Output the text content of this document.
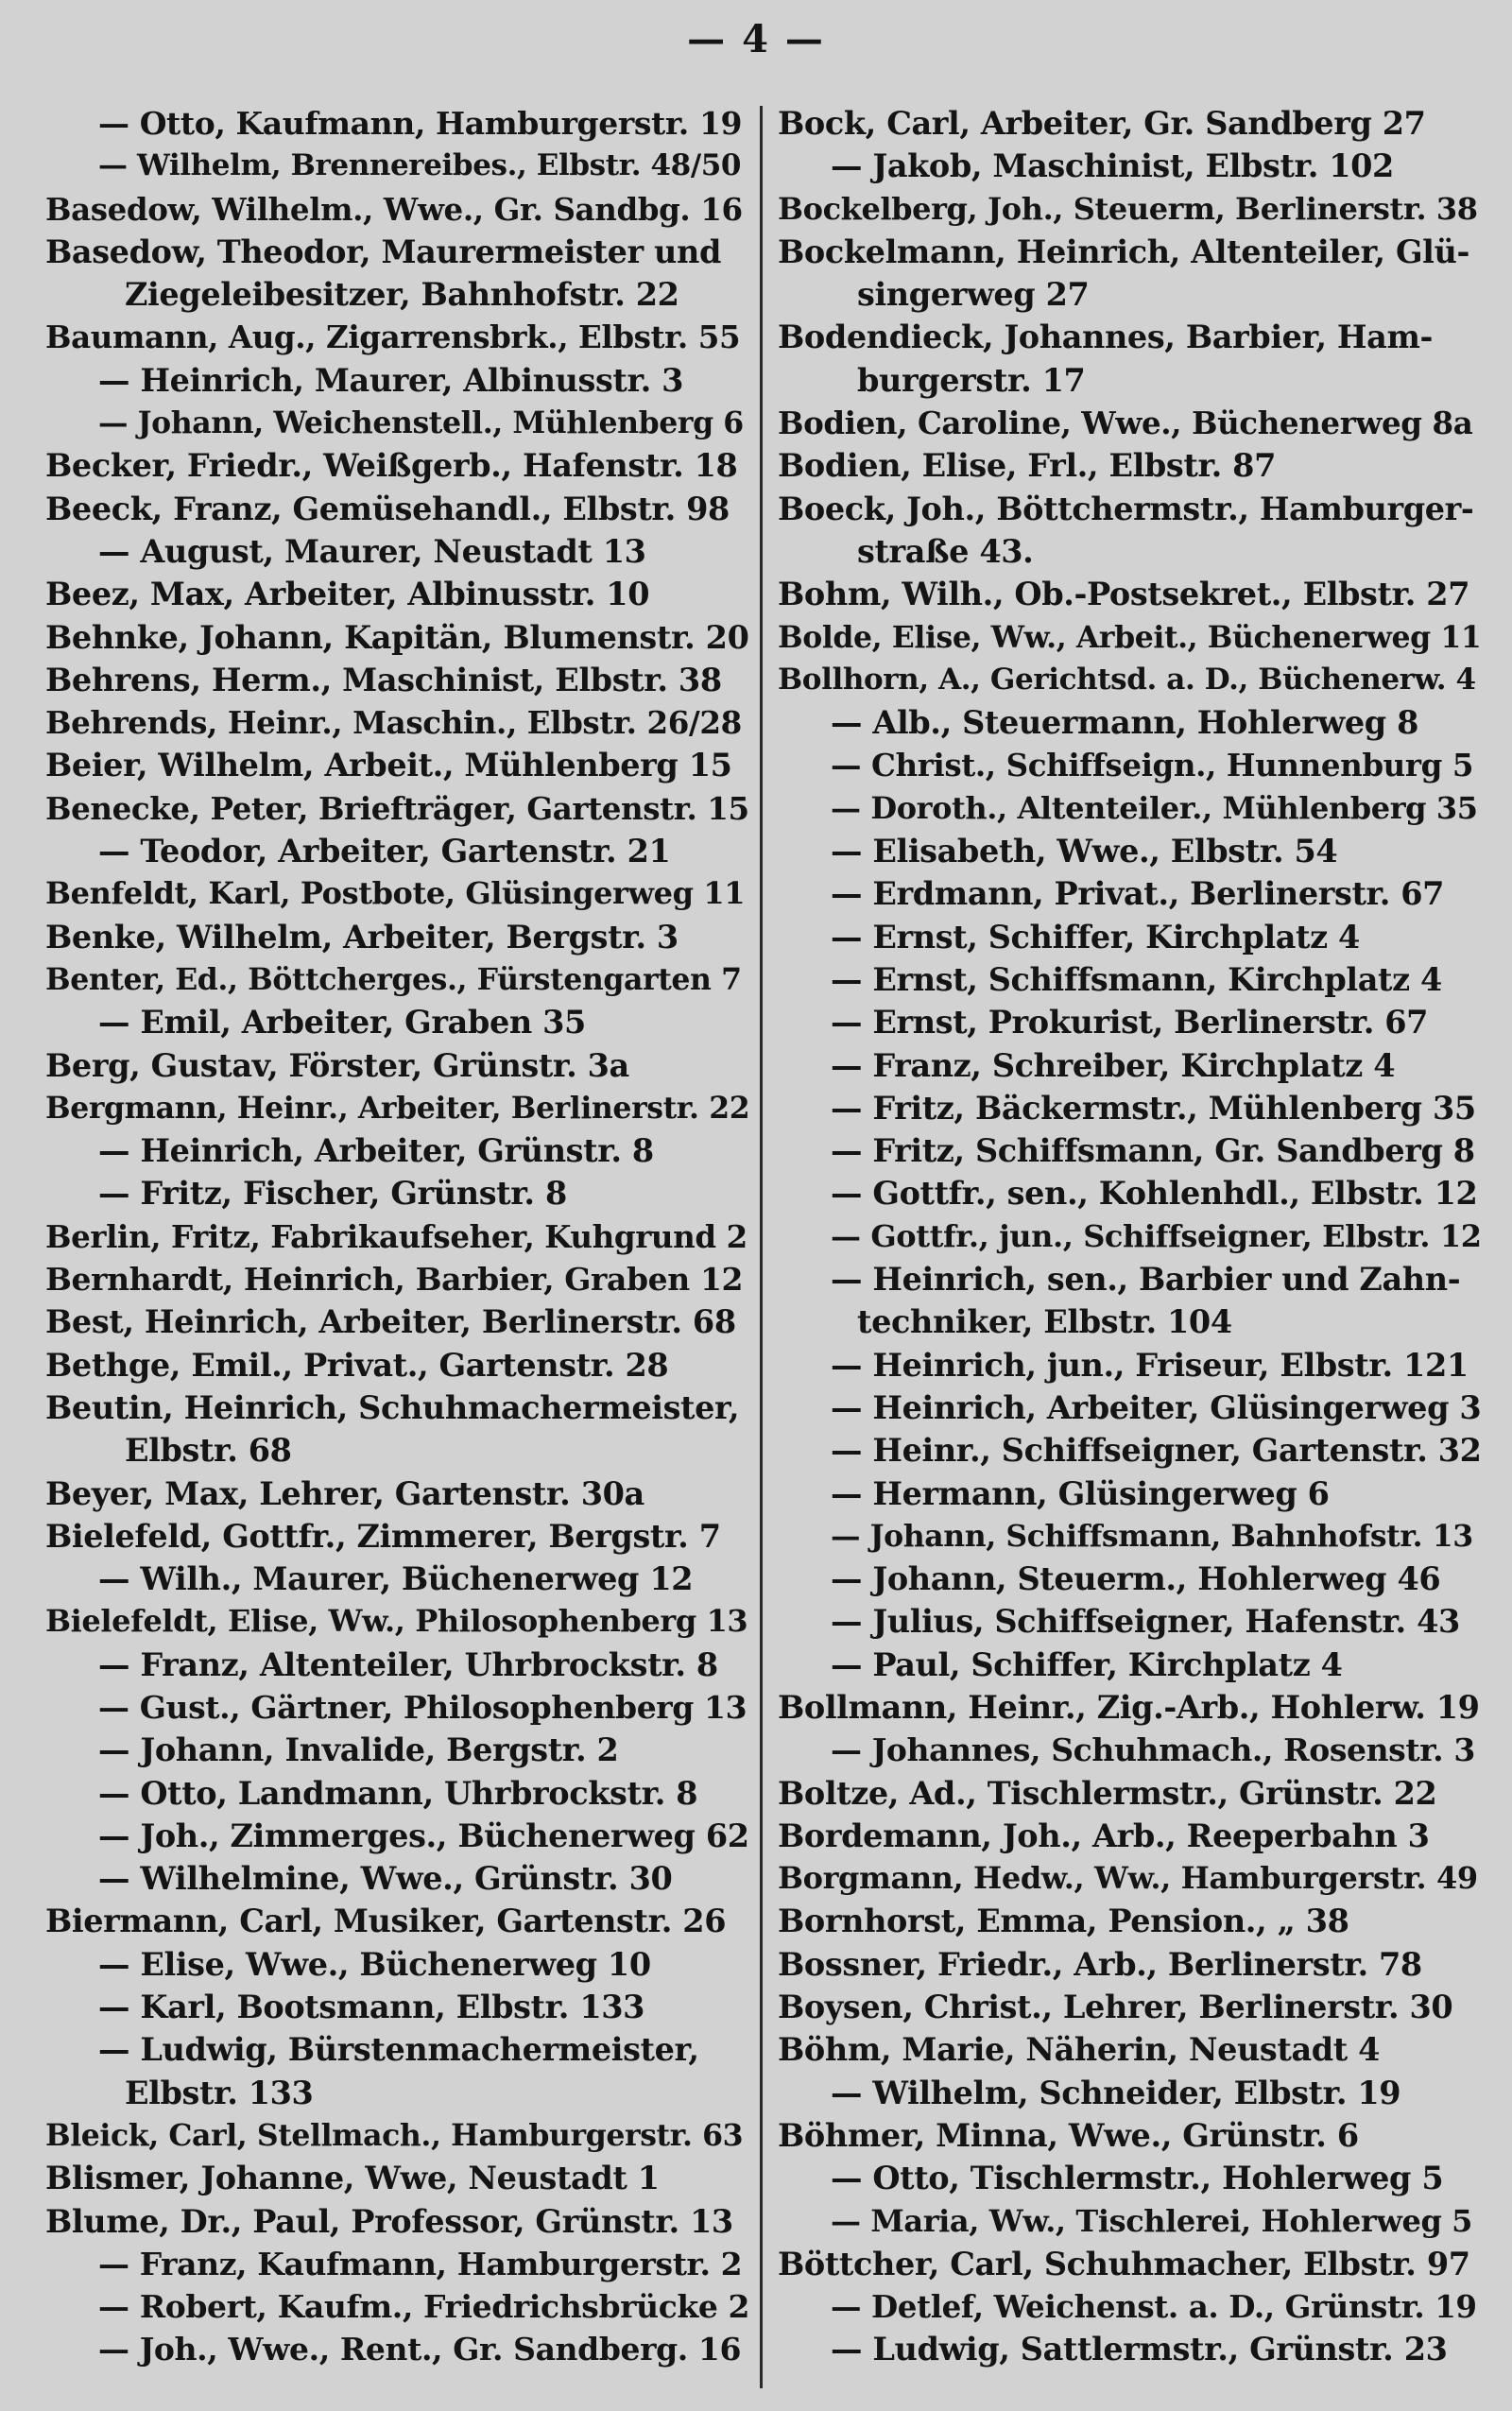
— 4 —
— Otto, Kaufmann, Hamburgerstr. 19
— Wilhelm, Brennereibes., Elbstr. 48/50
Basedow, Wilhelm., Wwe., Gr. Sandbg. 16
Basedow, Theodor, Maurermeister und
Ziegeleibesitzer, Bahnhofstr. 22
Baumann, Aug., Zigarrensbrk., Elbstr. 55
— Heinrich, Maurer, Albinusstr. 3
— Johann, Weichenstell., Mühlenberg 6
Becker, Friedr., Weißgerb., Hafenstr. 18
Beeck, Franz, Gemüsehandl., Elbstr. 98
— August, Maurer, Neustadt 13
Beez, Max, Arbeiter, Albinusstr. 10
Behnke, Johann, Kapitän, Blumenstr. 20
Behrens, Herm., Maschinist, Elbstr. 38
Behrends, Heinr., Maschin., Elbstr. 26/28
Beier, Wilhelm, Arbeit., Mühlenberg 15
Benecke, Peter, Briefträger, Gartenstr. 15
— Teodor, Arbeiter, Gartenstr. 21
Benfeldt, Karl, Postbote, Glüsingerweg 11
Benke, Wilhelm, Arbeiter, Bergstr. 3
Benter, Ed., Böttcherges., Fürstengarten 7
— Emil, Arbeiter, Graben 35
Berg, Gustav, Förster, Grünstr. 3a
Bergmann, Heinr., Arbeiter, Berlinerstr. 22
— Heinrich, Arbeiter, Grünstr. 8
— Fritz, Fischer, Grünstr. 8
Berlin, Fritz, Fabrikaufseher, Kuhgrund 2
Bernhardt, Heinrich, Barbier, Graben 12
Best, Heinrich, Arbeiter, Berlinerstr. 68
Bethge, Emil., Privat., Gartenstr. 28
Beutin, Heinrich, Schuhmachermeister,
Elbstr. 68
Beyer, Max, Lehrer, Gartenstr. 30a
Bielefeld, Gottfr., Zimmerer, Bergstr. 7
— Wilh., Maurer, Büchenerweg 12
Bielefeldt, Elise, Ww., Philosophenberg 13
— Franz, Altenteiler, Uhrbrockstr. 8
— Gust., Gärtner, Philosophenberg 13
— Johann, Invalide, Bergstr. 2
— Otto, Landmann, Uhrbrockstr. 8
— Joh., Zimmerges., Büchenerweg 62
— Wilhelmine, Wwe., Grünstr. 30
Biermann, Carl, Musiker, Gartenstr. 26
— Elise, Wwe., Büchenerweg 10
— Karl, Bootsmann, Elbstr. 133
— Ludwig, Bürstenmachermeister,
Elbstr. 133
Bleick, Carl, Stellmach., Hamburgerstr. 63
Blismer, Johanne, Wwe, Neustadt 1
Blume, Dr., Paul, Professor, Grünstr. 13
— Franz, Kaufmann, Hamburgerstr. 2
— Robert, Kaufm., Friedrichsbrücke 2
— Joh., Wwe., Rent., Gr. Sandberg. 16
Bock, Carl, Arbeiter, Gr. Sandberg 27
— Jakob, Maschinist, Elbstr. 102
Bockelberg, Joh., Steuerm, Berlinerstr. 38
Bockelmann, Heinrich, Altenteiler, Glü-
singerweg 27
Bodendieck, Johannes, Barbier, Ham-
burgerstr. 17
Bodien, Caroline, Wwe., Büchenerweg 8a
Bodien, Elise, Frl., Elbstr. 87
Boeck, Joh., Böttchermstr., Hamburger-
straße 43.
Bohm, Wilh., Ob.-Postsekret., Elbstr. 27
Bolde, Elise, Ww., Arbeit., Büchenerweg 11
Bollhorn, A., Gerichtsd. a. D., Büchenerw. 4
— Alb., Steuermann, Hohlerweg 8
— Christ., Schiffseign., Hunnenburg 5
— Doroth., Altenteiler., Mühlenberg 35
— Elisabeth, Wwe., Elbstr. 54
— Erdmann, Privat., Berlinerstr. 67
— Ernst, Schiffer, Kirchplatz 4
— Ernst, Schiffsmann, Kirchplatz 4
— Ernst, Prokurist, Berlinerstr. 67
— Franz, Schreiber, Kirchplatz 4
— Fritz, Bäckermstr., Mühlenberg 35
— Fritz, Schiffsmann, Gr. Sandberg 8
— Gottfr., sen., Kohlenhdl., Elbstr. 12
— Gottfr., jun., Schiffseigner, Elbstr. 12
— Heinrich, sen., Barbier und Zahn-
techniker, Elbstr. 104
— Heinrich, jun., Friseur, Elbstr. 121
— Heinrich, Arbeiter, Glüsingerweg 3
— Heinr., Schiffseigner, Gartenstr. 32
— Hermann, Glüsingerweg 6
— Johann, Schiffsmann, Bahnhofstr. 13
— Johann, Steuerm., Hohlerweg 46
— Julius, Schiffseigner, Hafenstr. 43
— Paul, Schiffer, Kirchplatz 4
Bollmann, Heinr., Zig.-Arb., Hohlerw. 19
— Johannes, Schuhmach., Rosenstr. 3
Boltze, Ad., Tischlermstr., Grünstr. 22
Bordemann, Joh., Arb., Reeperbahn 3
Borgmann, Hedw., Ww., Hamburgerstr. 49
Bornhorst, Emma, Pension., „ 38
Bossner, Friedr., Arb., Berlinerstr. 78
Boysen, Christ., Lehrer, Berlinerstr. 30
Böhm, Marie, Näherin, Neustadt 4
— Wilhelm, Schneider, Elbstr. 19
Böhmer, Minna, Wwe., Grünstr. 6
— Otto, Tischlermstr., Hohlerweg 5
— Maria, Ww., Tischlerei, Hohlerweg 5
Böttcher, Carl, Schuhmacher, Elbstr. 97
— Detlef, Weichenst. a. D., Grünstr. 19
— Ludwig, Sattlermstr., Grünstr. 23
